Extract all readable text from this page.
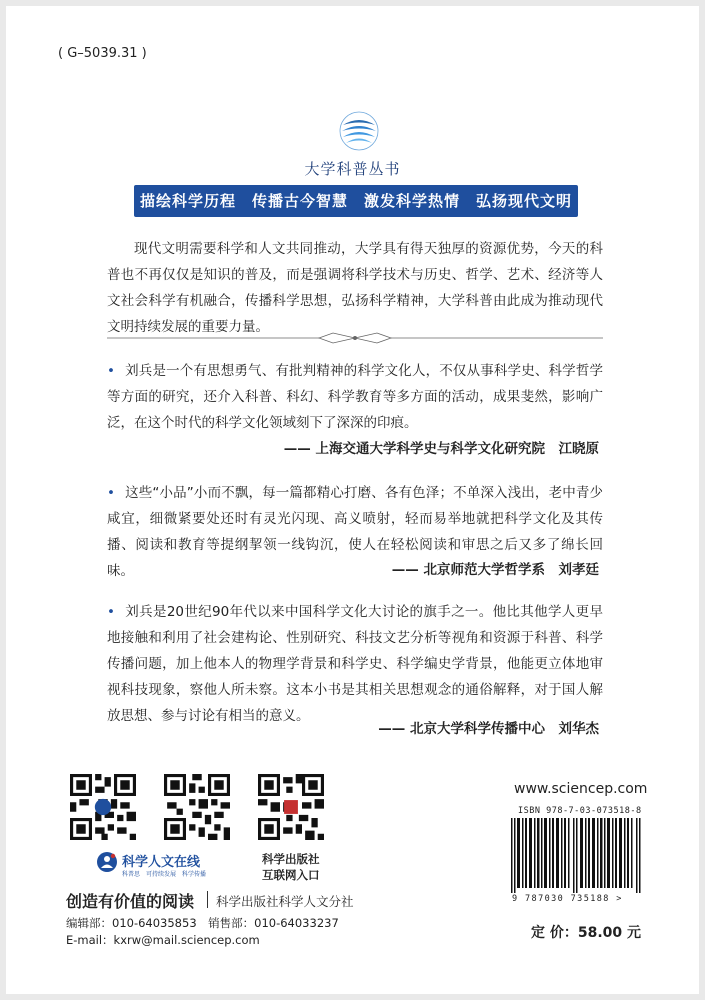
( G–5039.31 )
大学科普丛书
描绘科学历程　传播古今智慧　激发科学热情　弘扬现代文明
现代文明需要科学和人文共同推动，大学具有得天独厚的资源优势，今天的科普也不再仅仅是知识的普及，而是强调将科学技术与历史、哲学、艺术、经济等人文社会科学有机融合，传播科学思想，弘扬科学精神，大学科普由此成为推动现代文明持续发展的重要力量。
• 刘兵是一个有思想勇气、有批判精神的科学文化人，不仅从事科学史、科学哲学等方面的研究，还介入科普、科幻、科学教育等多方面的活动，成果斐然，影响广泛，在这个时代的科学文化领域刻下了深深的印痕。
—— 上海交通大学科学史与科学文化研究院　江晓原
• 这些“小品”小而不飘，每一篇都精心打磨、各有色泽；不单深入浅出，老中青少咸宜，细微紧要处还时有灵光闪现、高义喷射，轻而易举地就把科学文化及其传播、阅读和教育等提纲挈领一线钩沉，使人在轻松阅读和审思之后又多了绵长回味。	—— 北京师范大学哲学系　刘孝廷
• 刘兵是20世纪90年代以来中国科学文化大讨论的旗手之一。他比其他学人更早地接触和利用了社会建构论、性别研究、科技文艺分析等视角和资源于科普、科学传播问题，加上他本人的物理学背景和科学史、科学编史学背景，他能更立体地审视科技现象，察他人所未察。这本小书是其相关思想观念的通俗解释，对于国人解放思想、参与讨论有相当的意义。
—— 北京大学科学传播中心　刘华杰
科学人文在线
科普思　可持续发展　科学传播
科学出版社
互联网入口
创造有价值的阅读 科学出版社科学人文分社
编辑部：010-64035853　销售部：010-64033237
E-mail：kxrw@mail.sciencep.com
www.sciencep.com
ISBN 978-7-03-073518-8
9 787030 735188 >
定 价：58.00 元
